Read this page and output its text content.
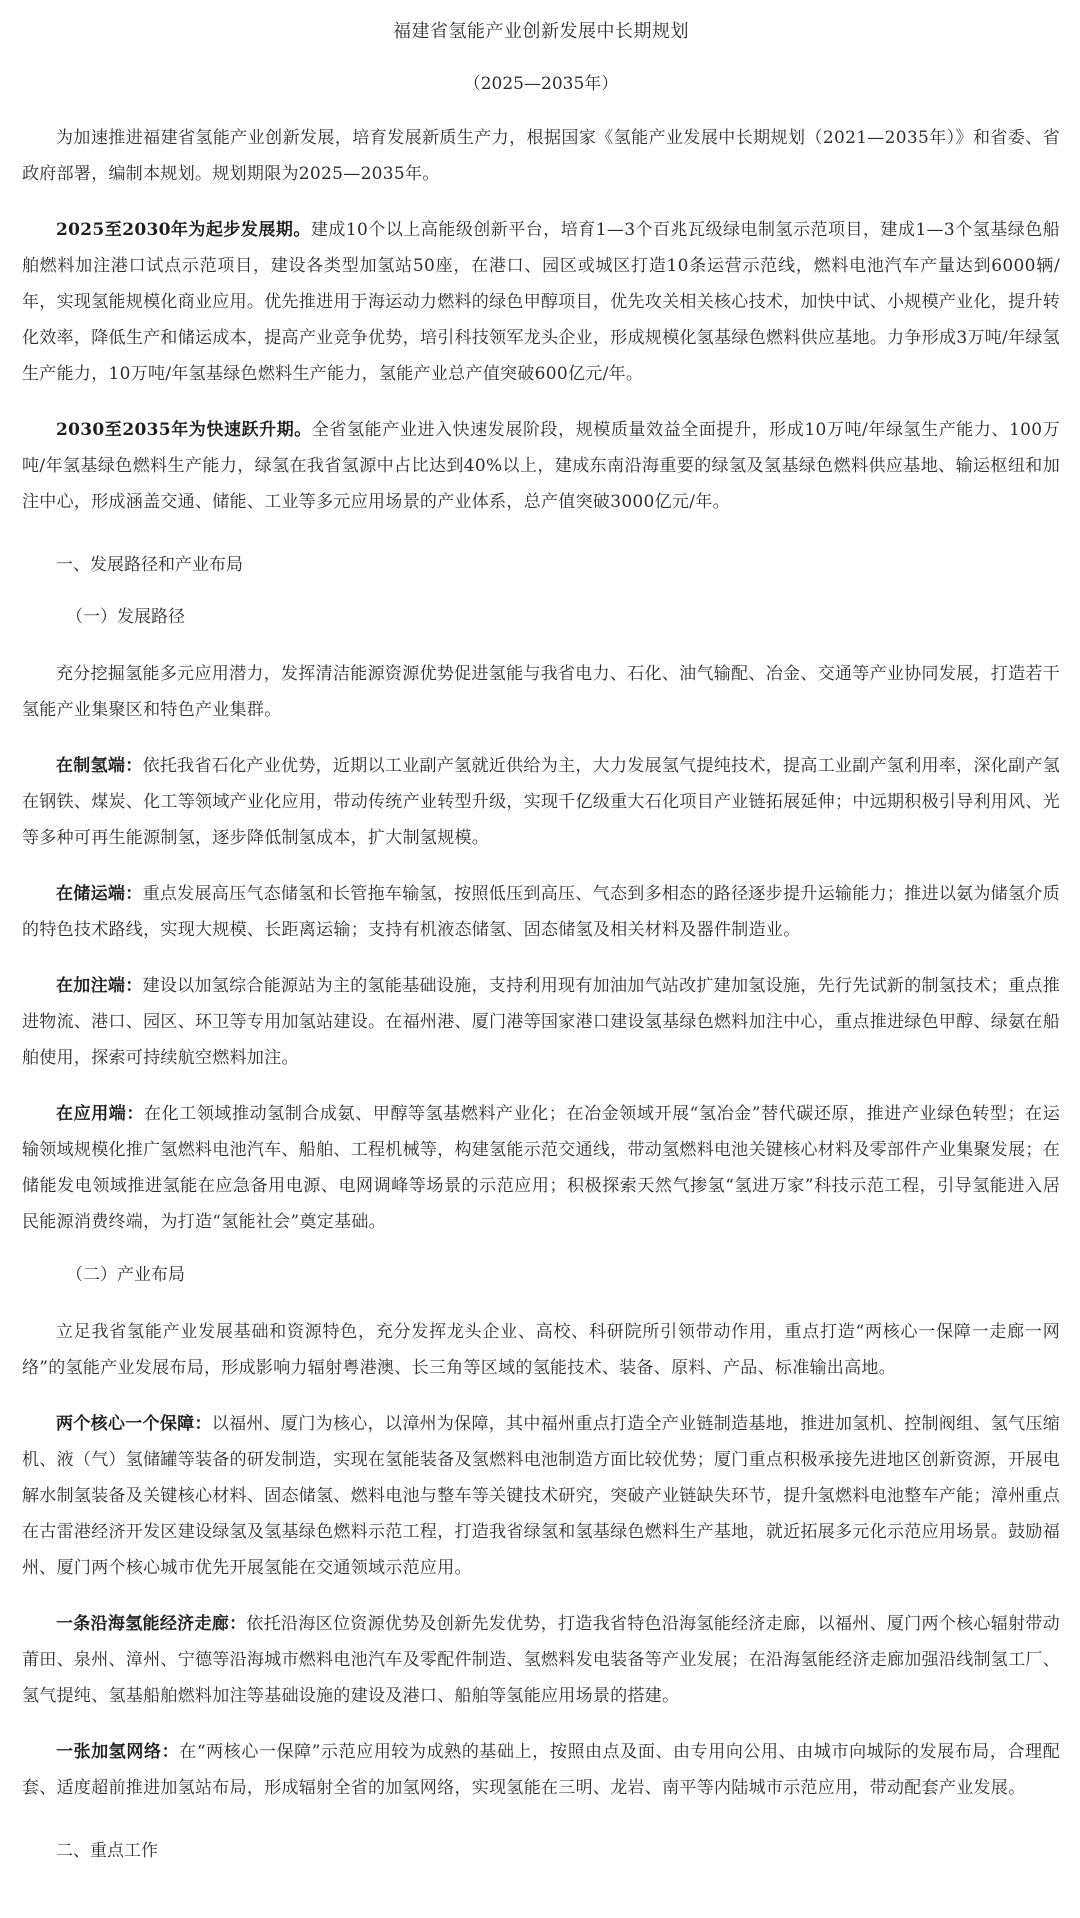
福建省氢能产业创新发展中长期规划
（2025—2035年）

为加速推进福建省氢能产业创新发展，培育发展新质生产力，根据国家《氢能产业发展中长期规划（2021—2035年）》和省委、省政府部署，编制本规划。规划期限为2025—2035年。

2025至2030年为起步发展期。建成10个以上高能级创新平台，培育1—3个百兆瓦级绿电制氢示范项目，建成1—3个氢基绿色船舶燃料加注港口试点示范项目，建设各类型加氢站50座，在港口、园区或城区打造10条运营示范线，燃料电池汽车产量达到6000辆/年，实现氢能规模化商业应用。优先推进用于海运动力燃料的绿色甲醇项目，优先攻关相关核心技术，加快中试、小规模产业化，提升转化效率，降低生产和储运成本，提高产业竞争优势，培引科技领军龙头企业，形成规模化氢基绿色燃料供应基地。力争形成3万吨/年绿氢生产能力，10万吨/年氢基绿色燃料生产能力，氢能产业总产值突破600亿元/年。

2030至2035年为快速跃升期。全省氢能产业进入快速发展阶段，规模质量效益全面提升，形成10万吨/年绿氢生产能力、100万吨/年氢基绿色燃料生产能力，绿氢在我省氢源中占比达到40%以上，建成东南沿海重要的绿氢及氢基绿色燃料供应基地、输运枢纽和加注中心，形成涵盖交通、储能、工业等多元应用场景的产业体系，总产值突破3000亿元/年。

一、发展路径和产业布局
（一）发展路径

充分挖掘氢能多元应用潜力，发挥清洁能源资源优势促进氢能与我省电力、石化、油气输配、冶金、交通等产业协同发展，打造若干氢能产业集聚区和特色产业集群。

在制氢端：依托我省石化产业优势，近期以工业副产氢就近供给为主，大力发展氢气提纯技术，提高工业副产氢利用率，深化副产氢在钢铁、煤炭、化工等领域产业化应用，带动传统产业转型升级，实现千亿级重大石化项目产业链拓展延伸；中远期积极引导利用风、光等多种可再生能源制氢，逐步降低制氢成本，扩大制氢规模。

在储运端：重点发展高压气态储氢和长管拖车输氢，按照低压到高压、气态到多相态的路径逐步提升运输能力；推进以氨为储氢介质的特色技术路线，实现大规模、长距离运输；支持有机液态储氢、固态储氢及相关材料及器件制造业。

在加注端：建设以加氢综合能源站为主的氢能基础设施，支持利用现有加油加气站改扩建加氢设施，先行先试新的制氢技术；重点推进物流、港口、园区、环卫等专用加氢站建设。在福州港、厦门港等国家港口建设氢基绿色燃料加注中心，重点推进绿色甲醇、绿氨在船舶使用，探索可持续航空燃料加注。

在应用端：在化工领域推动氢制合成氨、甲醇等氢基燃料产业化；在冶金领域开展“氢冶金”替代碳还原，推进产业绿色转型；在运输领域规模化推广氢燃料电池汽车、船舶、工程机械等，构建氢能示范交通线，带动氢燃料电池关键核心材料及零部件产业集聚发展；在储能发电领域推进氢能在应急备用电源、电网调峰等场景的示范应用；积极探索天然气掺氢“氢进万家”科技示范工程，引导氢能进入居民能源消费终端，为打造“氢能社会”奠定基础。

（二）产业布局

立足我省氢能产业发展基础和资源特色，充分发挥龙头企业、高校、科研院所引领带动作用，重点打造“两核心一保障一走廊一网络”的氢能产业发展布局，形成影响力辐射粤港澳、长三角等区域的氢能技术、装备、原料、产品、标准输出高地。

两个核心一个保障：以福州、厦门为核心，以漳州为保障，其中福州重点打造全产业链制造基地，推进加氢机、控制阀组、氢气压缩机、液（气）氢储罐等装备的研发制造，实现在氢能装备及氢燃料电池制造方面比较优势；厦门重点积极承接先进地区创新资源，开展电解水制氢装备及关键核心材料、固态储氢、燃料电池与整车等关键技术研究，突破产业链缺失环节，提升氢燃料电池整车产能；漳州重点在古雷港经济开发区建设绿氢及氢基绿色燃料示范工程，打造我省绿氢和氢基绿色燃料生产基地，就近拓展多元化示范应用场景。鼓励福州、厦门两个核心城市优先开展氢能在交通领域示范应用。

一条沿海氢能经济走廊：依托沿海区位资源优势及创新先发优势，打造我省特色沿海氢能经济走廊，以福州、厦门两个核心辐射带动莆田、泉州、漳州、宁德等沿海城市燃料电池汽车及零配件制造、氢燃料发电装备等产业发展；在沿海氢能经济走廊加强沿线制氢工厂、氢气提纯、氢基船舶燃料加注等基础设施的建设及港口、船舶等氢能应用场景的搭建。

一张加氢网络：在“两核心一保障”示范应用较为成熟的基础上，按照由点及面、由专用向公用、由城市向城际的发展布局，合理配套、适度超前推进加氢站布局，形成辐射全省的加氢网络，实现氢能在三明、龙岩、南平等内陆城市示范应用，带动配套产业发展。

二、重点工作
